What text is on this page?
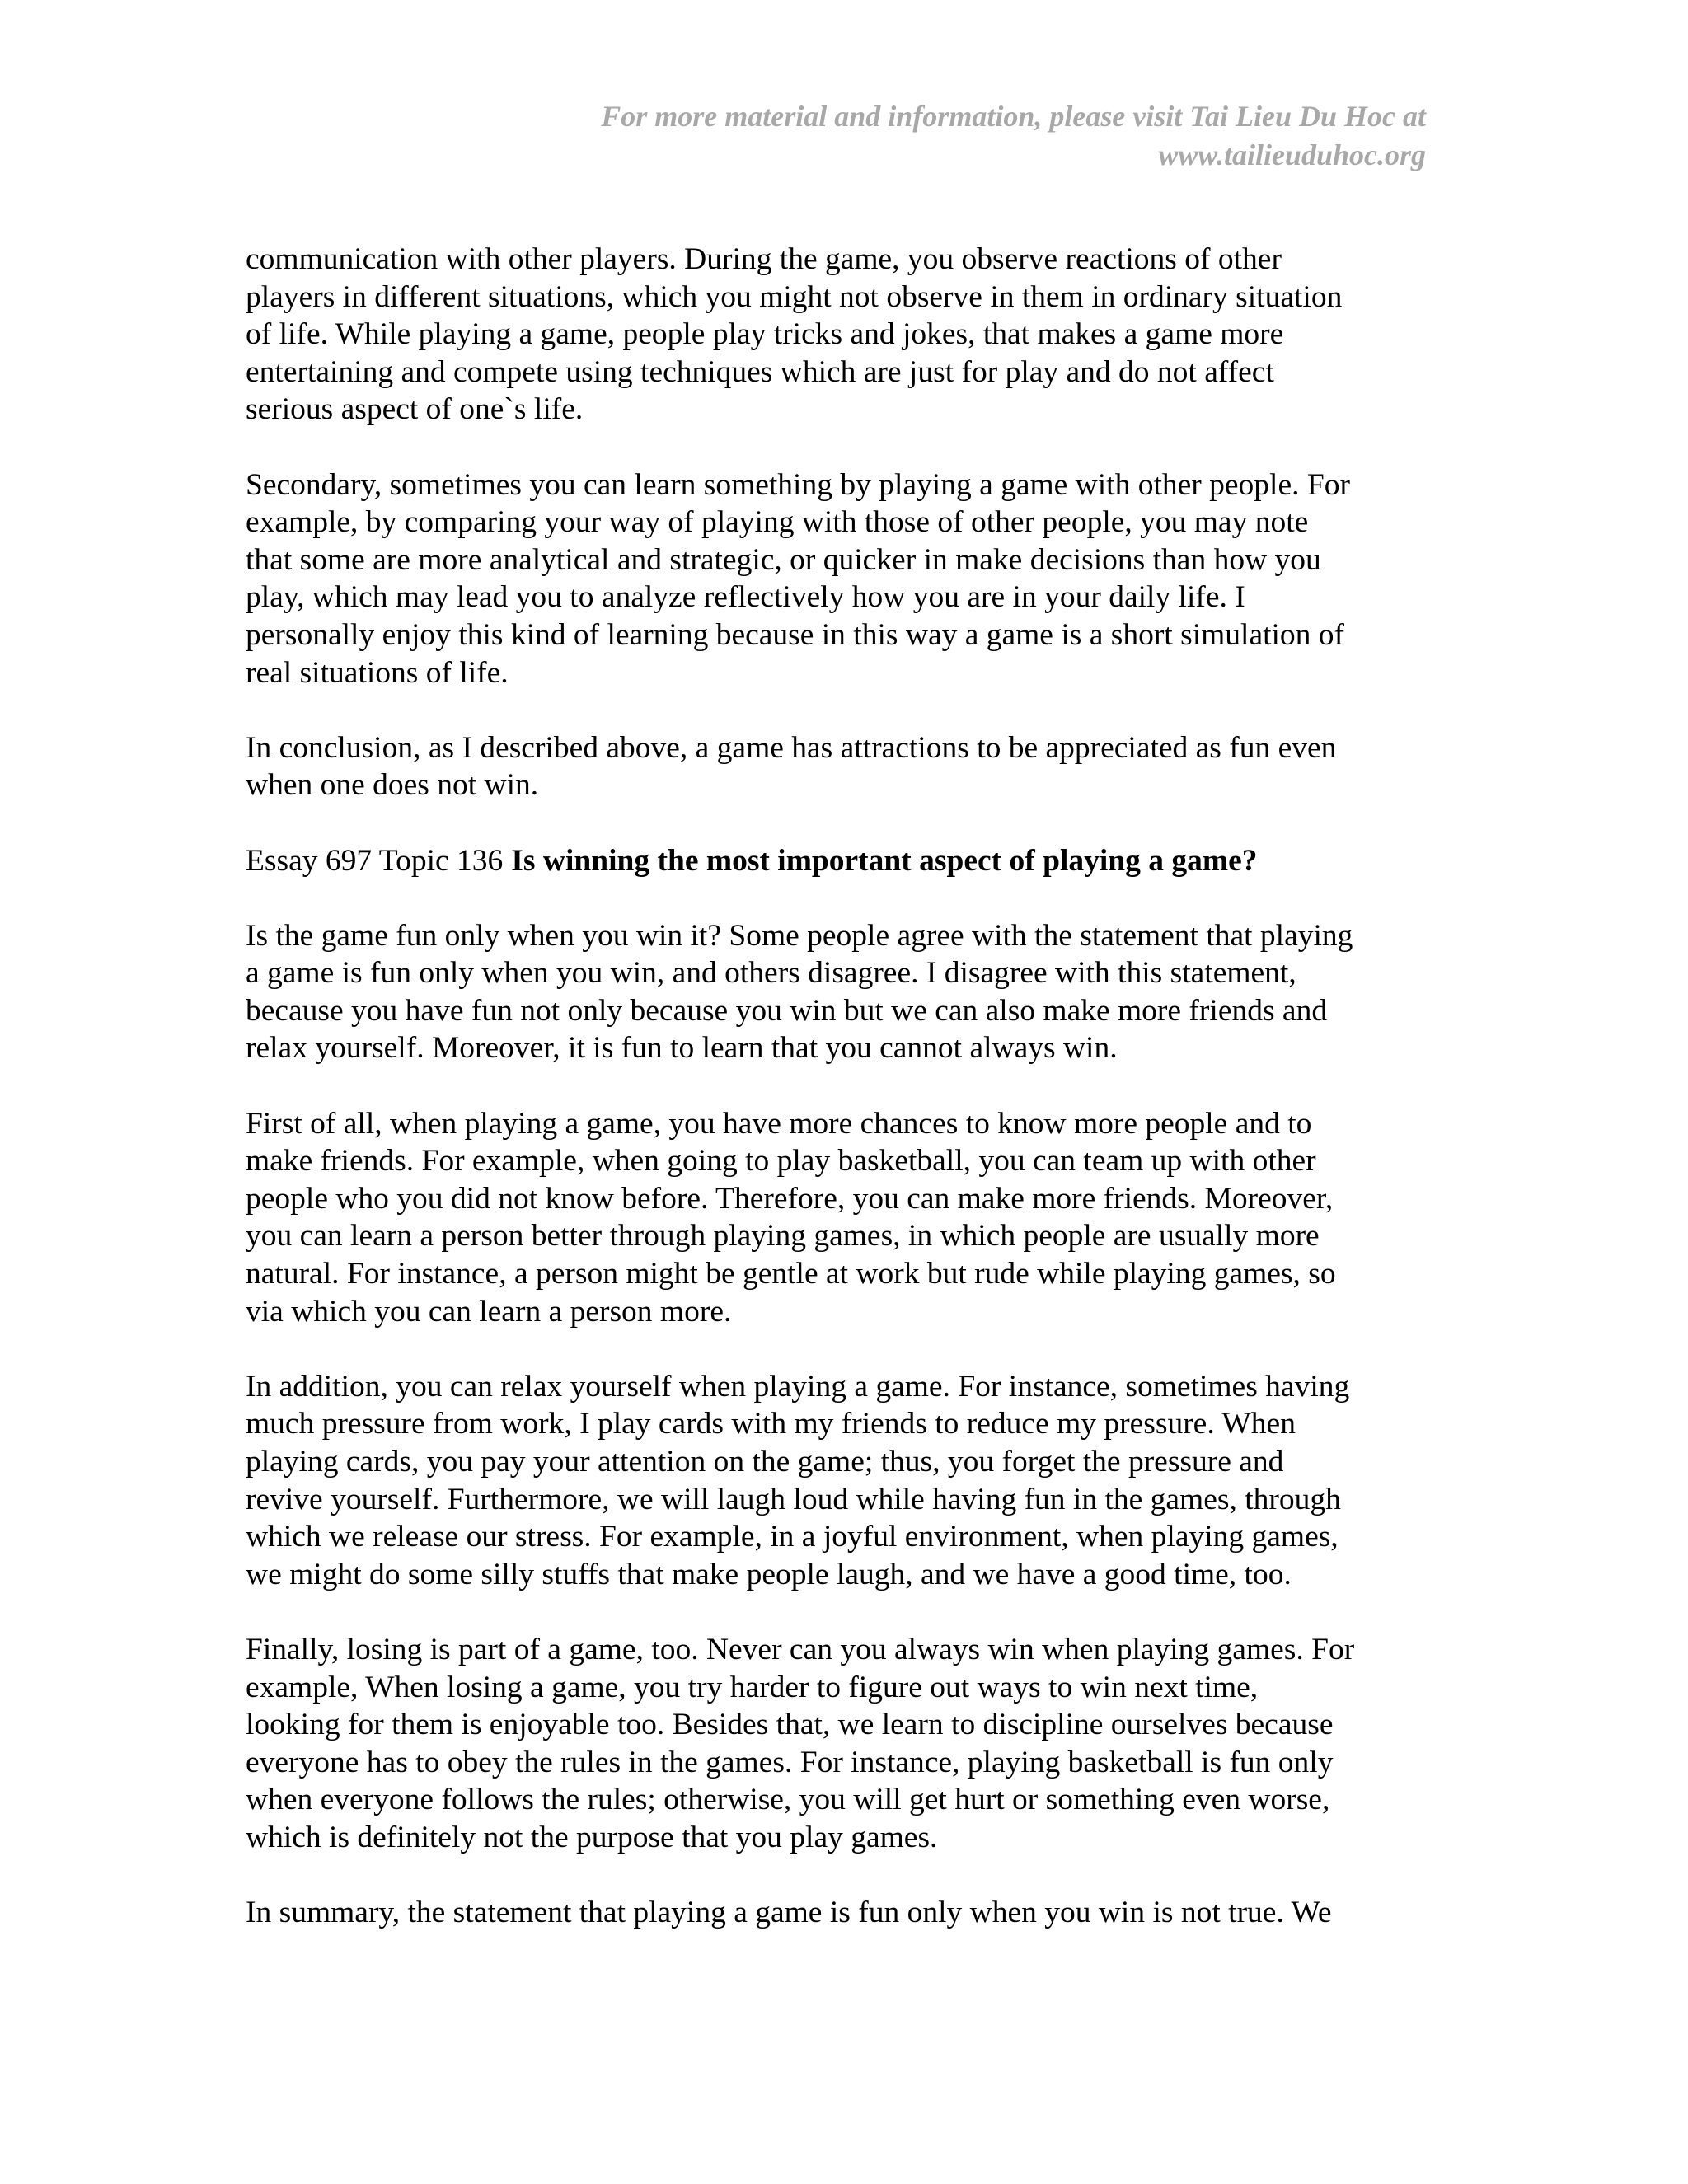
For more material and information, please visit Tai Lieu Du Hoc at
www.tailieuduhoc.org

communication with other players. During the game, you observe reactions of other
players in different situations, which you might not observe in them in ordinary situation
of life. While playing a game, people play tricks and jokes, that makes a game more
entertaining and compete using techniques which are just for play and do not affect
serious aspect of one`s life.

Secondary, sometimes you can learn something by playing a game with other people. For
example, by comparing your way of playing with those of other people, you may note
that some are more analytical and strategic, or quicker in make decisions than how you
play, which may lead you to analyze reflectively how you are in your daily life. I
personally enjoy this kind of learning because in this way a game is a short simulation of
real situations of life.

In conclusion, as I described above, a game has attractions to be appreciated as fun even
when one does not win.

Essay 697 Topic 136 Is winning the most important aspect of playing a game?

Is the game fun only when you win it? Some people agree with the statement that playing
a game is fun only when you win, and others disagree. I disagree with this statement,
because you have fun not only because you win but we can also make more friends and
relax yourself. Moreover, it is fun to learn that you cannot always win.

First of all, when playing a game, you have more chances to know more people and to
make friends. For example, when going to play basketball, you can team up with other
people who you did not know before. Therefore, you can make more friends. Moreover,
you can learn a person better through playing games, in which people are usually more
natural. For instance, a person might be gentle at work but rude while playing games, so
via which you can learn a person more.

In addition, you can relax yourself when playing a game. For instance, sometimes having
much pressure from work, I play cards with my friends to reduce my pressure. When
playing cards, you pay your attention on the game; thus, you forget the pressure and
revive yourself. Furthermore, we will laugh loud while having fun in the games, through
which we release our stress. For example, in a joyful environment, when playing games,
we might do some silly stuffs that make people laugh, and we have a good time, too.

Finally, losing is part of a game, too. Never can you always win when playing games. For
example, When losing a game, you try harder to figure out ways to win next time,
looking for them is enjoyable too. Besides that, we learn to discipline ourselves because
everyone has to obey the rules in the games. For instance, playing basketball is fun only
when everyone follows the rules; otherwise, you will get hurt or something even worse,
which is definitely not the purpose that you play games.

In summary, the statement that playing a game is fun only when you win is not true. We
